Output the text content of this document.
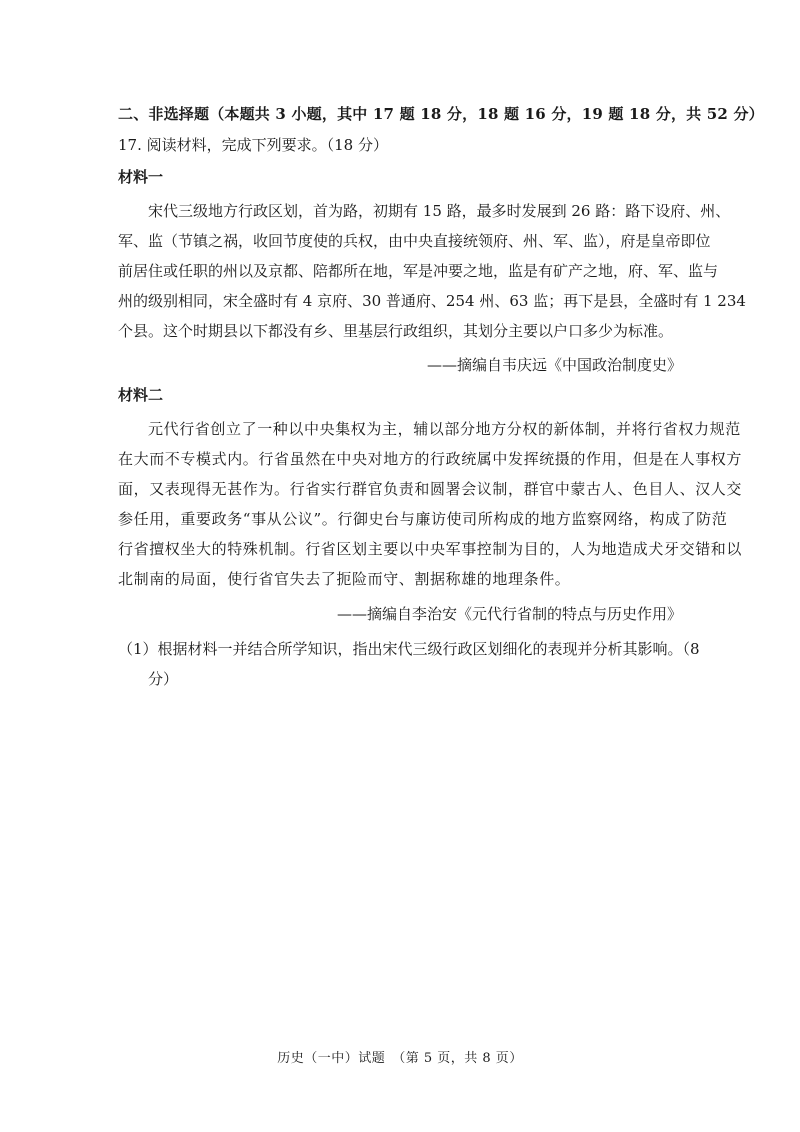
二、非选择题（本题共 3 小题，其中 17 题 18 分，18 题 16 分，19 题 18 分，共 52 分）
17. 阅读材料，完成下列要求。（18 分）
材料一
宋代三级地方行政区划，首为路，初期有 15 路，最多时发展到 26 路：路下设府、州、
军、监（节镇之祸，收回节度使的兵权，由中央直接统领府、州、军、监），府是皇帝即位
前居住或任职的州以及京都、陪都所在地，军是冲要之地，监是有矿产之地，府、军、监与
州的级别相同，宋全盛时有 4 京府、30 普通府、254 州、63 监；再下是县，全盛时有 1 234
个县。这个时期县以下都没有乡、里基层行政组织，其划分主要以户口多少为标准。
——摘编自韦庆远《中国政治制度史》
材料二
元代行省创立了一种以中央集权为主，辅以部分地方分权的新体制，并将行省权力规范
在大而不专模式内。行省虽然在中央对地方的行政统属中发挥统摄的作用，但是在人事权方
面，又表现得无甚作为。行省实行群官负责和圆署会议制，群官中蒙古人、色目人、汉人交
参任用，重要政务“事从公议”。行御史台与廉访使司所构成的地方监察网络，构成了防范
行省擅权坐大的特殊机制。行省区划主要以中央军事控制为目的，人为地造成犬牙交错和以
北制南的局面，使行省官失去了扼险而守、割据称雄的地理条件。
——摘编自李治安《元代行省制的特点与历史作用》
（1）根据材料一并结合所学知识，指出宋代三级行政区划细化的表现并分析其影响。（8
分）
历史（一中）试题　（第 5 页，共 8 页）
